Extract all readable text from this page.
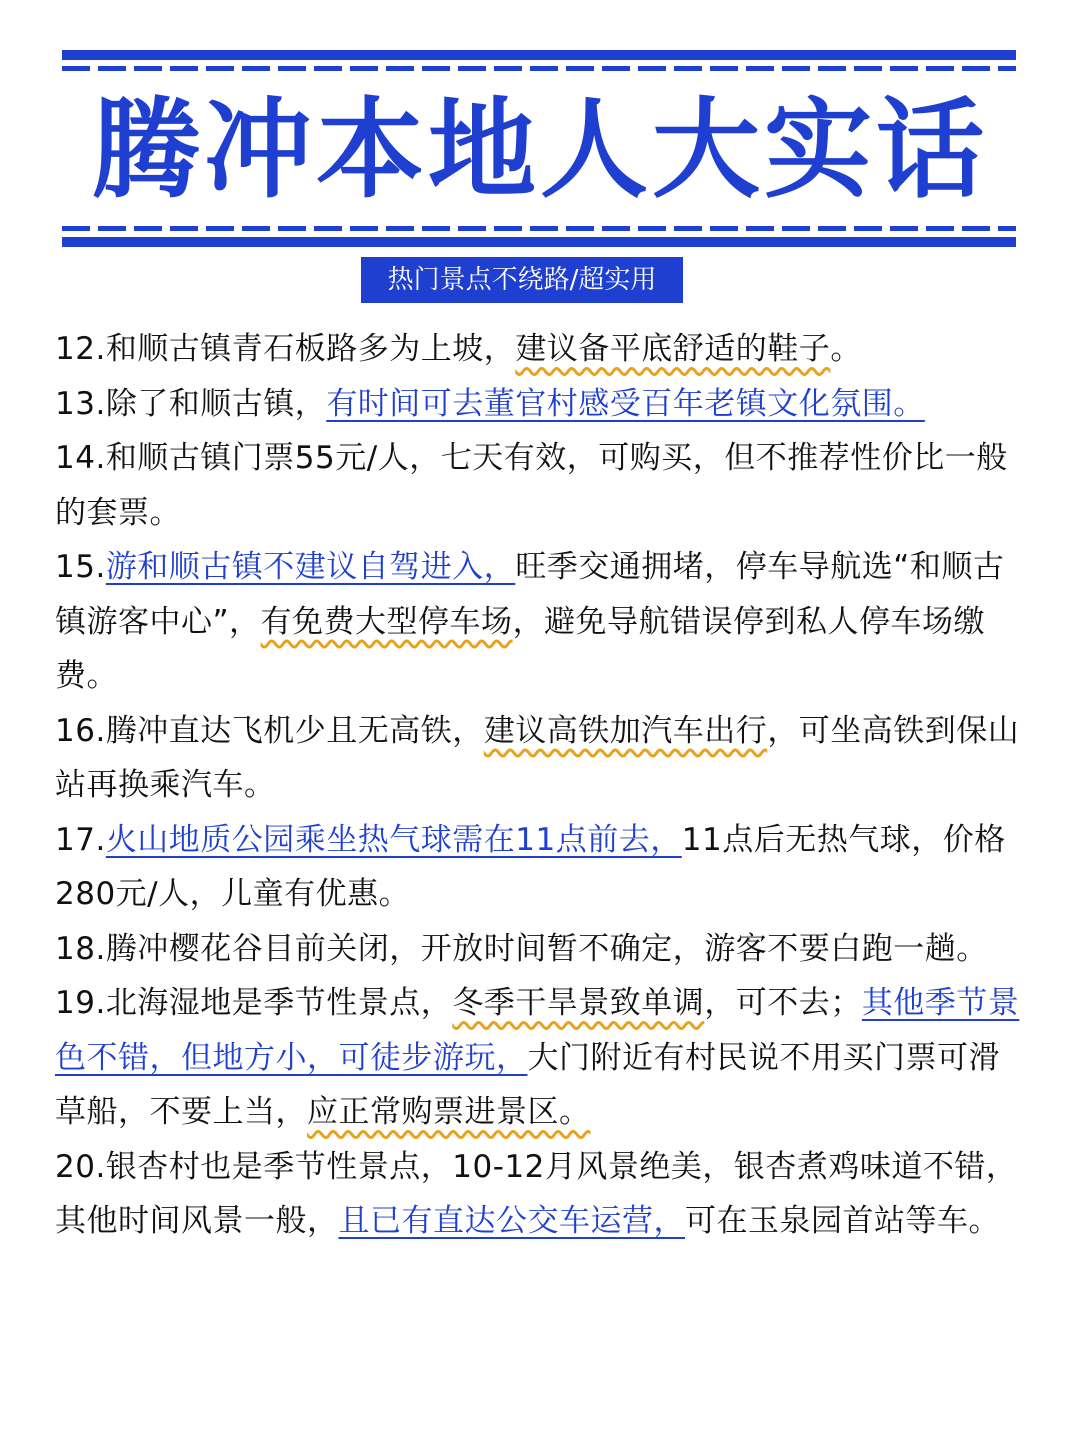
腾冲本地人大实话
热门景点不绕路/超实用

12.和顺古镇青石板路多为上坡，建议备平底舒适的鞋子。

13.除了和顺古镇，有时间可去董官村感受百年老镇文化氛围。

14.和顺古镇门票55元/人，七天有效，可购买，但不推荐性价比一般的套票。

15.游和顺古镇不建议自驾进入，旺季交通拥堵，停车导航选“和顺古镇游客中心”，有免费大型停车场，避免导航错误停到私人停车场缴费。

16.腾冲直达飞机少且无高铁，建议高铁加汽车出行，可坐高铁到保山站再换乘汽车。

17.火山地质公园乘坐热气球需在11点前去，11点后无热气球，价格280元/人，儿童有优惠。

18.腾冲樱花谷目前关闭，开放时间暂不确定，游客不要白跑一趟。

19.北海湿地是季节性景点，冬季干旱景致单调，可不去；其他季节景色不错，但地方小，可徒步游玩，大门附近有村民说不用买门票可滑草船，不要上当，应正常购票进景区。

20.银杏村也是季节性景点，10-12月风景绝美，银杏煮鸡味道不错，其他时间风景一般，且已有直达公交车运营，可在玉泉园首站等车。
